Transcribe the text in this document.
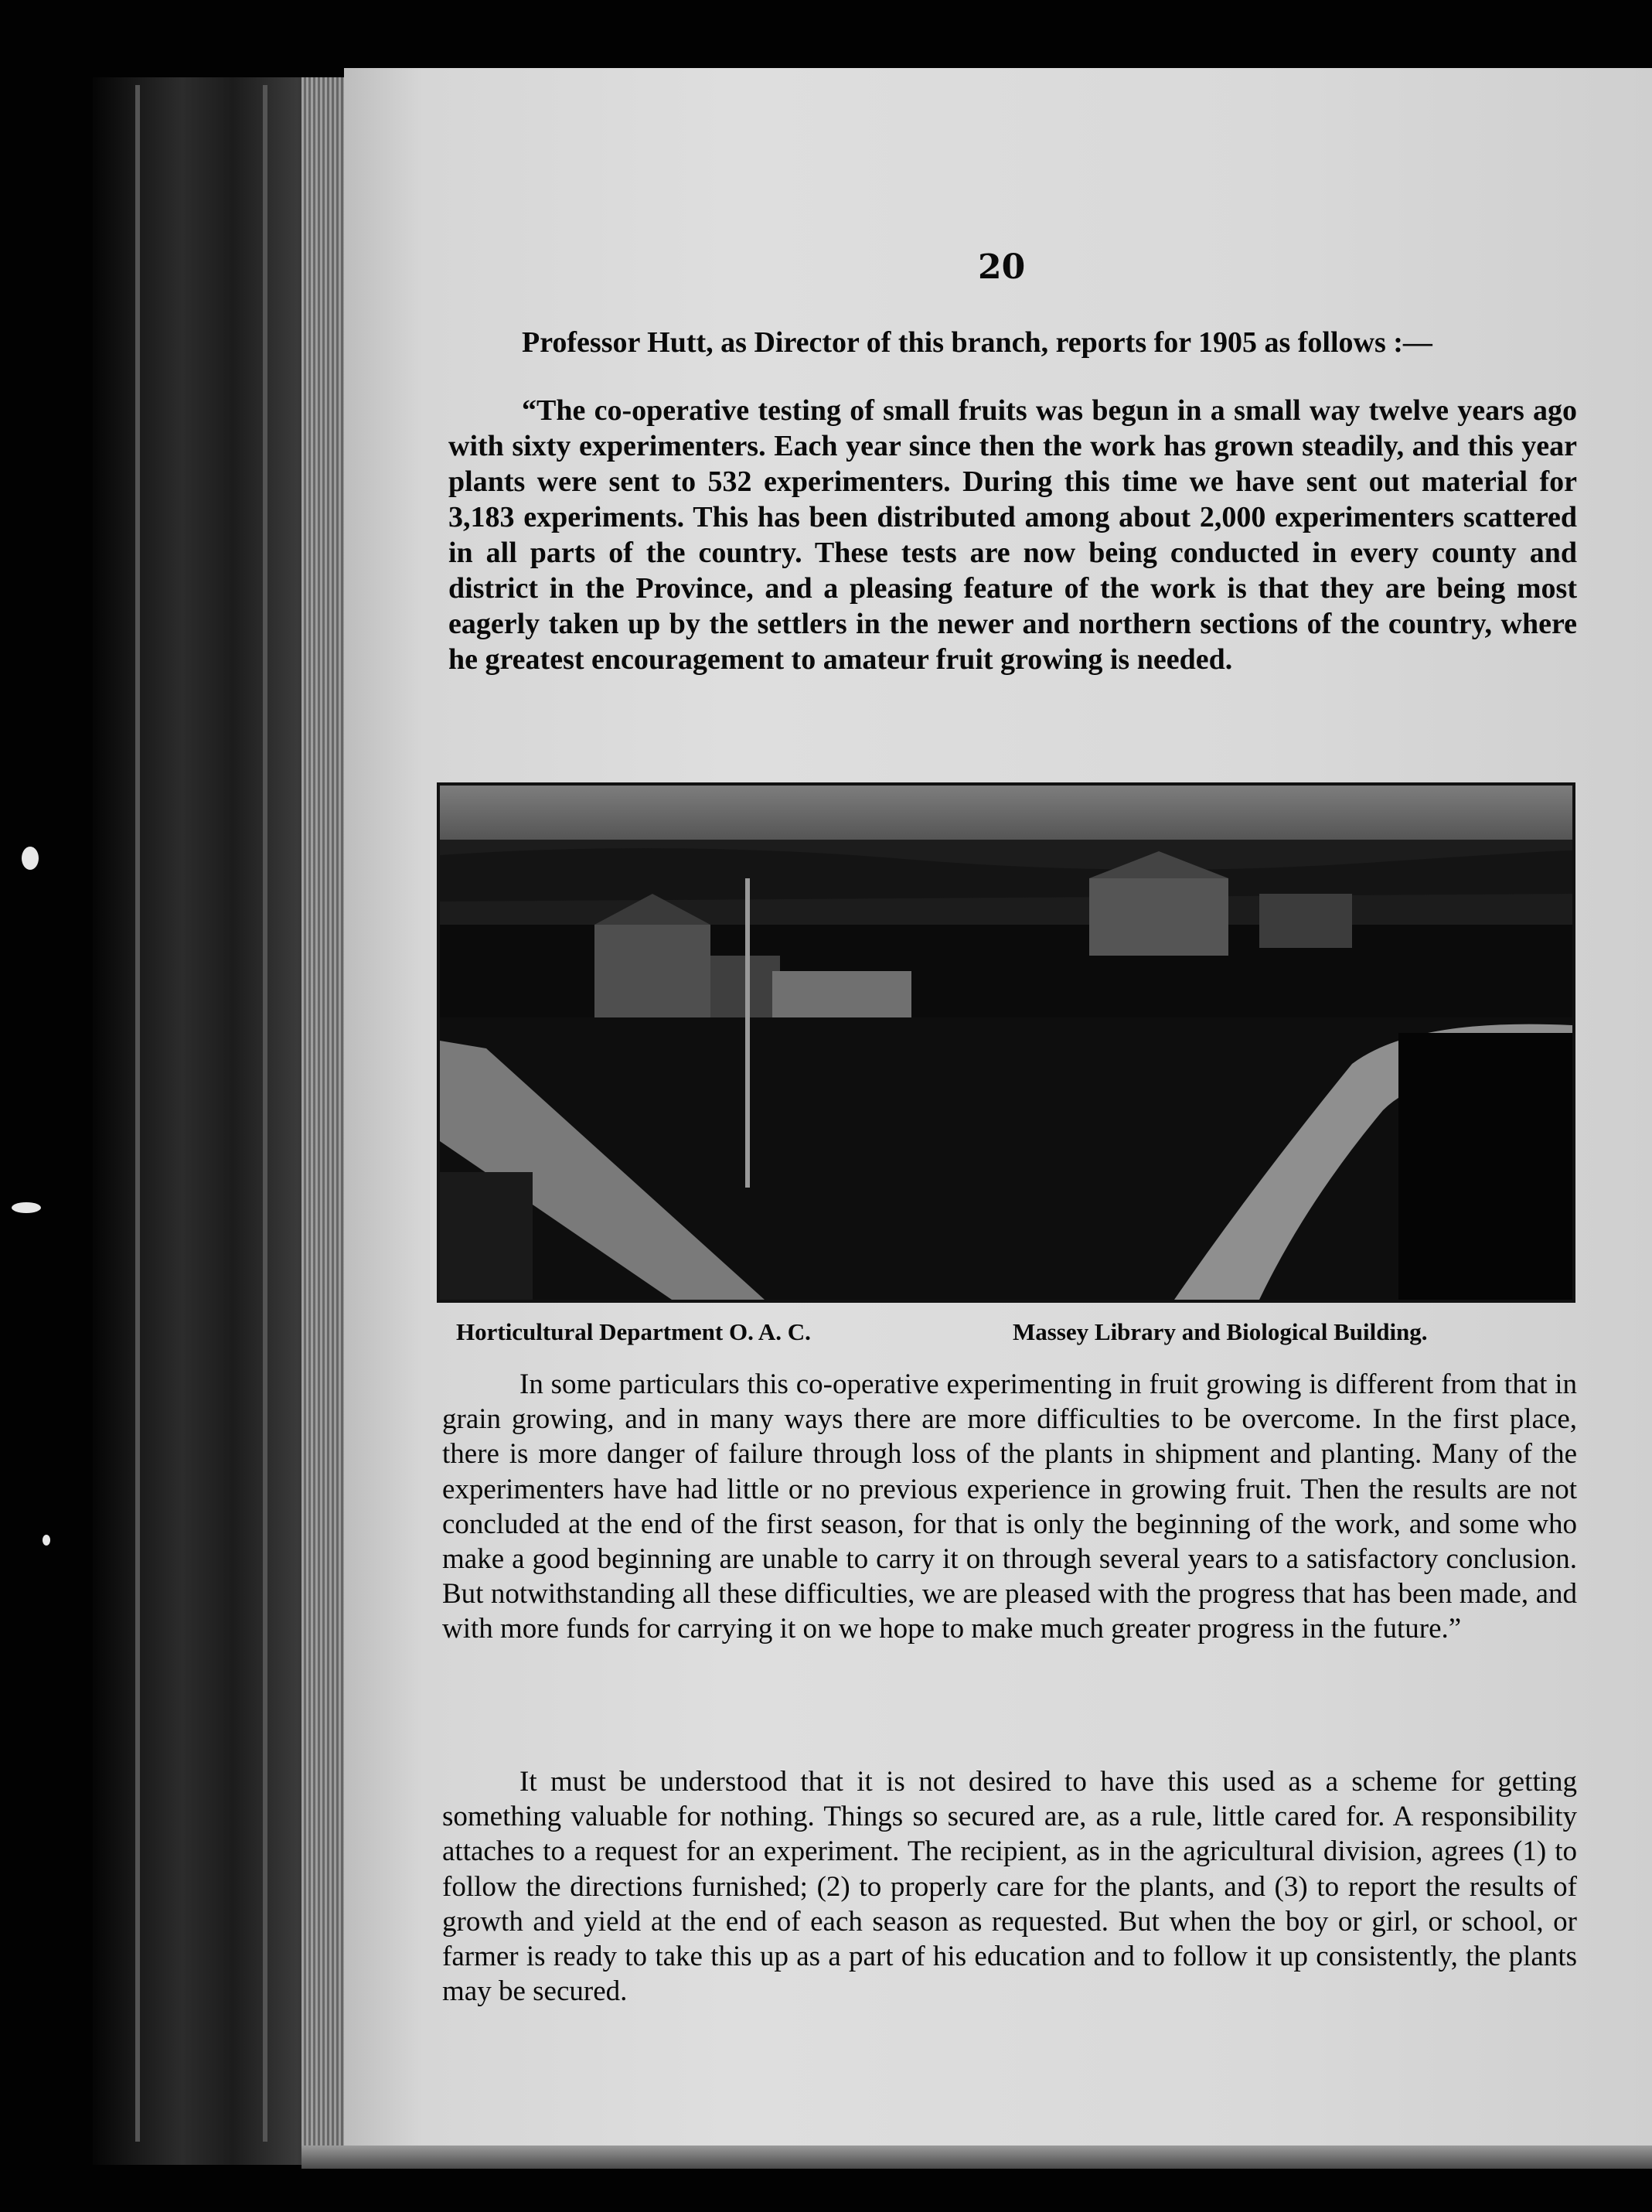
20

Professor Hutt, as Director of this branch, reports for 1905 as follows :—

“The co-operative testing of small fruits was begun in a small way twelve years ago with sixty experimenters. Each year since then the work has grown steadily, and this year plants were sent to 532 experimenters. During this time we have sent out material for 3,183 experiments. This has been distributed among about 2,000 experimenters scattered in all parts of the country. These tests are now being conducted in every county and district in the Province, and a pleasing feature of the work is that they are being most eagerly taken up by the settlers in the newer and northern sections of the country, where he greatest encouragement to amateur fruit growing is needed.

Horticultural Department O. A. C.	Massey Library and Biological Building.

In some particulars this co-operative experimenting in fruit growing is different from that in grain growing, and in many ways there are more difficulties to be overcome. In the first place, there is more danger of failure through loss of the plants in shipment and planting. Many of the experimenters have had little or no previous experience in growing fruit. Then the results are not concluded at the end of the first season, for that is only the beginning of the work, and some who make a good beginning are unable to carry it on through several years to a satisfactory conclusion. But notwithstanding all these difficulties, we are pleased with the progress that has been made, and with more funds for carrying it on we hope to make much greater progress in the future.”

It must be understood that it is not desired to have this used as a scheme for getting something valuable for nothing. Things so secured are, as a rule, little cared for. A responsibility attaches to a request for an experiment. The recipient, as in the agricultural division, agrees (1) to follow the directions furnished; (2) to properly care for the plants, and (3) to report the results of growth and yield at the end of each season as requested. But when the boy or girl, or school, or farmer is ready to take this up as a part of his education and to follow it up consistently, the plants may be secured.
